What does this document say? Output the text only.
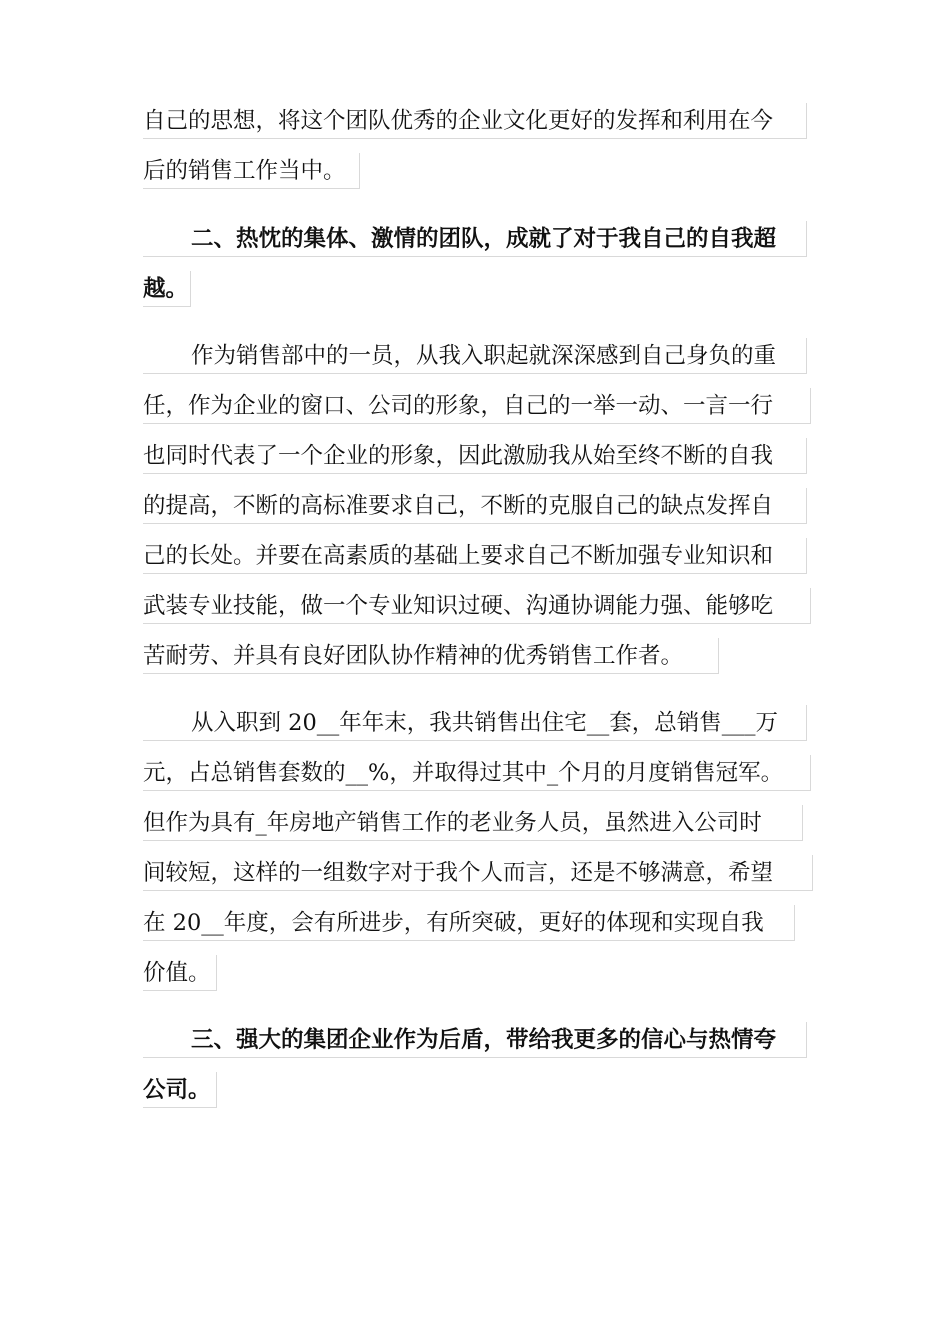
自己的思想，将这个团队优秀的企业文化更好的发挥和利用在今
后的销售工作当中。
二、热忱的集体、激情的团队，成就了对于我自己的自我超
越。
作为销售部中的一员，从我入职起就深深感到自己身负的重
任，作为企业的窗口、公司的形象，自己的一举一动、一言一行
也同时代表了一个企业的形象，因此激励我从始至终不断的自我
的提高，不断的高标准要求自己，不断的克服自己的缺点发挥自
己的长处。并要在高素质的基础上要求自己不断加强专业知识和
武装专业技能，做一个专业知识过硬、沟通协调能力强、能够吃
苦耐劳、并具有良好团队协作精神的优秀销售工作者。
从入职到 20__年年末，我共销售出住宅__套，总销售___万
元，占总销售套数的__%，并取得过其中_个月的月度销售冠军。
但作为具有_年房地产销售工作的老业务人员，虽然进入公司时
间较短，这样的一组数字对于我个人而言，还是不够满意，希望
在 20__年度，会有所进步，有所突破，更好的体现和实现自我
价值。
三、强大的集团企业作为后盾，带给我更多的信心与热情夸
公司。
